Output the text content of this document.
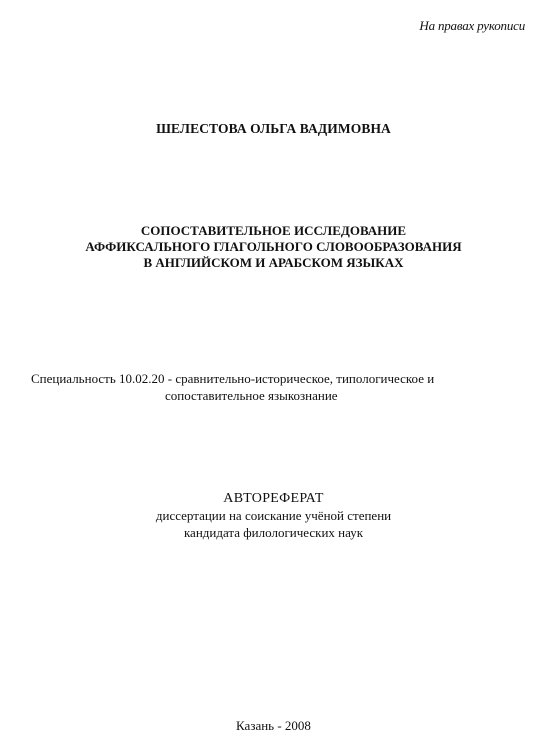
На правах рукописи
ШЕЛЕСТОВА ОЛЬГА ВАДИМОВНА
СОПОСТАВИТЕЛЬНОЕ ИССЛЕДОВАНИЕ
АФФИКСАЛЬНОГО ГЛАГОЛЬНОГО СЛОВООБРАЗОВАНИЯ
В АНГЛИЙСКОМ И АРАБСКОМ ЯЗЫКАХ
Специальность 10.02.20 - сравнительно-историческое, типологическое и
сопоставительное языкознание
АВТОРЕФЕРАТ
диссертации на соискание учёной степени
кандидата филологических наук
Казань - 2008
